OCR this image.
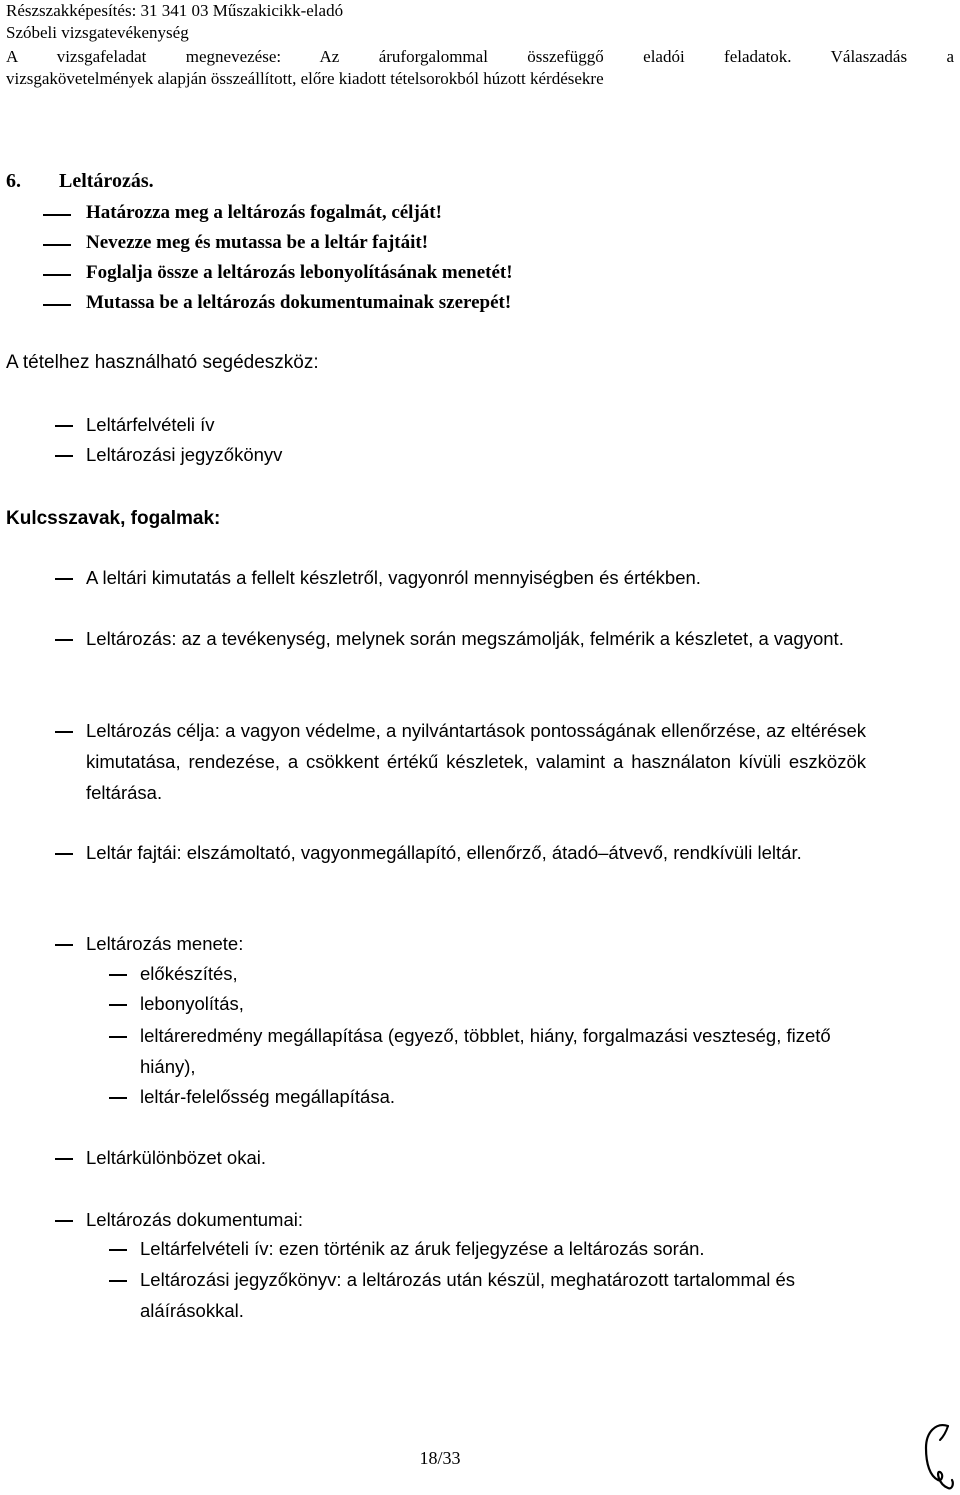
Részszakképesítés: 31 341 03 Műszakicikk-eladó
Szóbeli vizsgatevékenység
A vizsgafeladat megnevezése: Az áruforgalommal összefüggő eladói feladatok. Válaszadás a
vizsgakövetelmények alapján összeállított, előre kiadott tételsorokból húzott kérdésekre
6. Leltározás.
Határozza meg a leltározás fogalmát, célját!
Nevezze meg és mutassa be a leltár fajtáit!
Foglalja össze a leltározás lebonyolításának menetét!
Mutassa be a leltározás dokumentumainak szerepét!
A tételhez használható segédeszköz:
Leltárfelvételi ív
Leltározási jegyzőkönyv
Kulcsszavak, fogalmak:
A leltári kimutatás a fellelt készletről, vagyonról mennyiségben és értékben.
Leltározás: az a tevékenység, melynek során megszámolják, felmérik a készletet, a vagyont.
Leltározás célja: a vagyon védelme, a nyilvántartások pontosságának ellenőrzése, az eltérések kimutatása, rendezése, a csökkent értékű készletek, valamint a használaton kívüli eszközök feltárása.
Leltár fajtái: elszámoltató, vagyonmegállapító, ellenőrző, átadó–átvevő, rendkívüli leltár.
Leltározás menete:
előkészítés,
lebonyolítás,
leltáreredmény megállapítása (egyező, többlet, hiány, forgalmazási veszteség, fizető hiány),
leltár-felelősség megállapítása.
Leltárkülönbözet okai.
Leltározás dokumentumai:
Leltárfelvételi ív: ezen történik az áruk feljegyzése a leltározás során.
Leltározási jegyzőkönyv: a leltározás után készül, meghatározott tartalommal és aláírásokkal.
18/33
